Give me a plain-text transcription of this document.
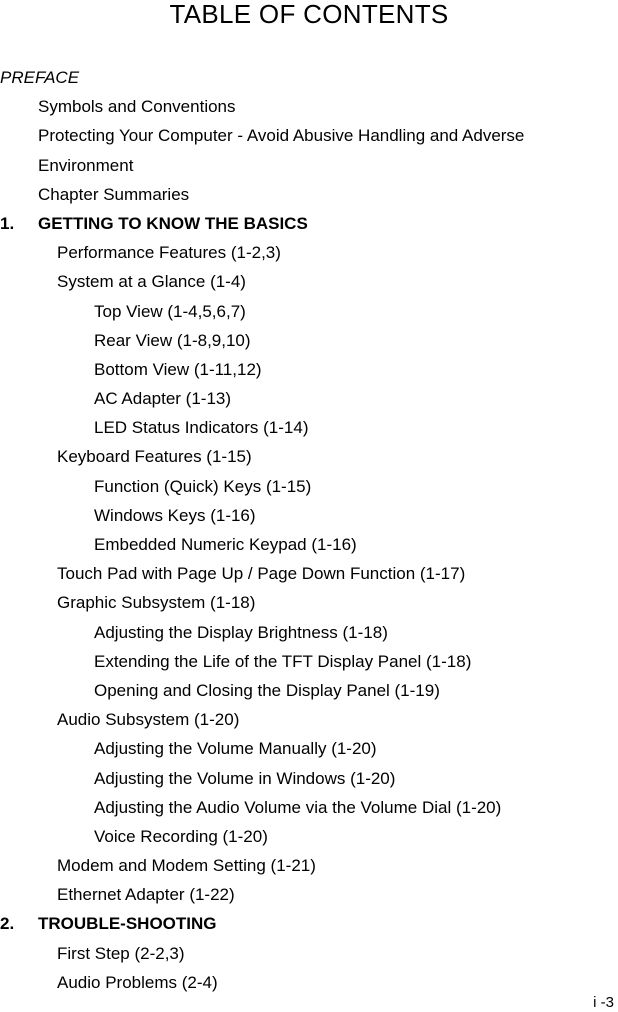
TABLE OF CONTENTS
PREFACE
Symbols and Conventions
Protecting Your Computer - Avoid Abusive Handling and Adverse
Environment
Chapter Summaries
1. GETTING TO KNOW THE BASICS
Performance Features (1-2,3)
System at a Glance (1-4)
Top View (1-4,5,6,7)
Rear View (1-8,9,10)
Bottom View (1-11,12)
AC Adapter (1-13)
LED Status Indicators (1-14)
Keyboard Features (1-15)
Function (Quick) Keys (1-15)
Windows Keys (1-16)
Embedded Numeric Keypad (1-16)
Touch Pad with Page Up / Page Down Function (1-17)
Graphic Subsystem (1-18)
Adjusting the Display Brightness (1-18)
Extending the Life of the TFT Display Panel (1-18)
Opening and Closing the Display Panel (1-19)
Audio Subsystem (1-20)
Adjusting the Volume Manually (1-20)
Adjusting the Volume in Windows (1-20)
Adjusting the Audio Volume via the Volume Dial (1-20)
Voice Recording (1-20)
Modem and Modem Setting (1-21)
Ethernet Adapter (1-22)
2. TROUBLE-SHOOTING
First Step (2-2,3)
Audio Problems (2-4)
i -3
